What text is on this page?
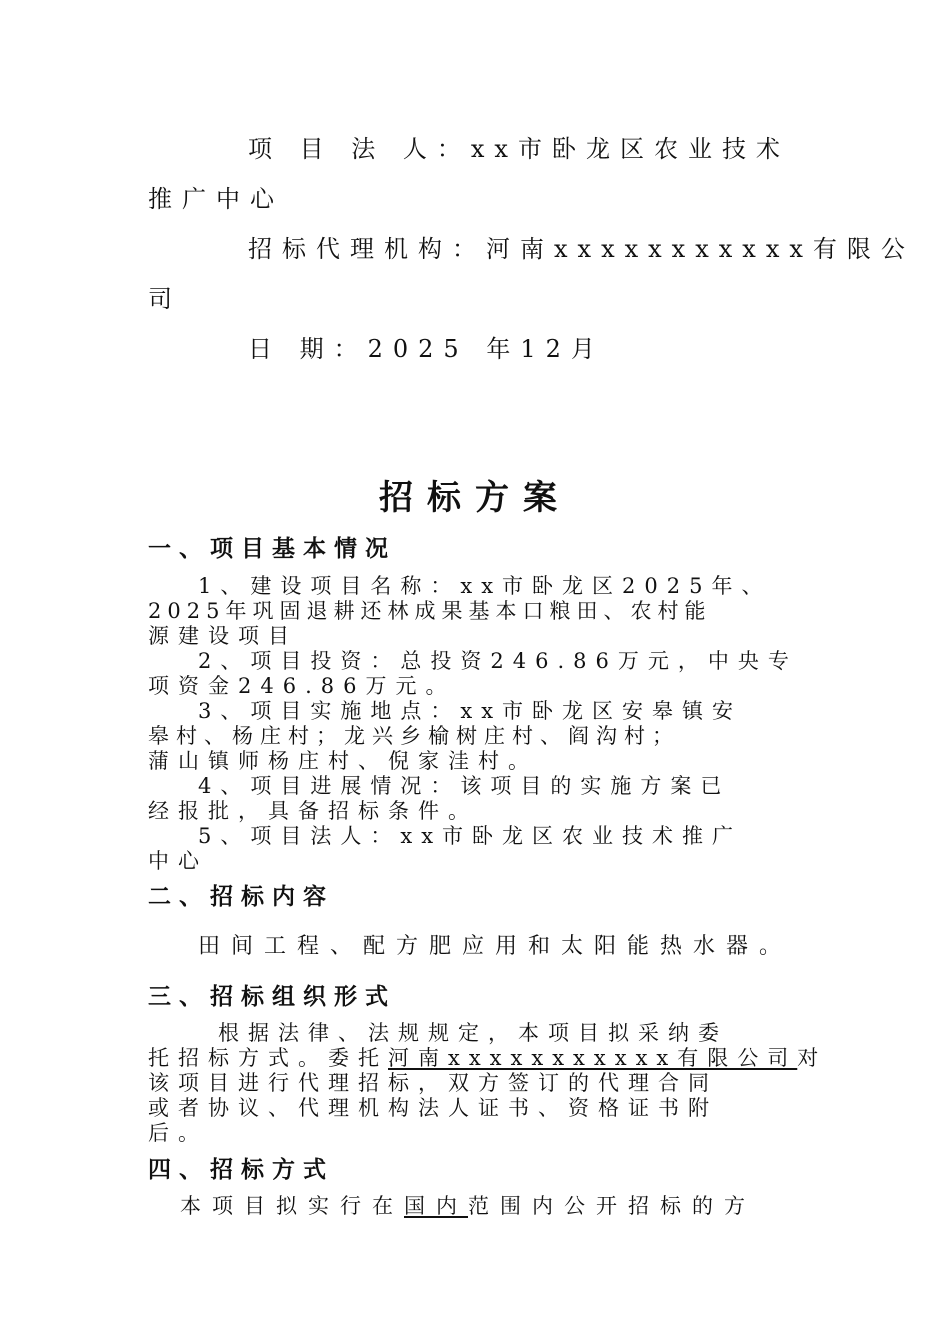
项 目 法 人：xx市卧龙区农业技术
推广中心
招标代理机构：河南xxxxxxxxxxx有限公
司
日 期：2025 年12月
招标方案
一、项目基本情况
1、建设项目名称：xx市卧龙区2025年、
2025年巩固退耕还林成果基本口粮田、农村能
源建设项目
2、项目投资：总投资246.86万元，中央专
项资金246.86万元。
3、项目实施地点：xx市卧龙区安皋镇安
皋村、杨庄村；龙兴乡榆树庄村、阎沟村；
蒲山镇师杨庄村、倪家洼村。
4、项目进展情况：该项目的实施方案已
经报批，具备招标条件。
5、项目法人：xx市卧龙区农业技术推广
中心
二、招标内容
田间工程、配方肥应用和太阳能热水器。
三、招标组织形式
根据法律、法规规定，本项目拟采纳委
托招标方式。委托河南xxxxxxxxxxx有限公司对
该项目进行代理招标，双方签订的代理合同
或者协议、代理机构法人证书、资格证书附
后。
四、招标方式
本项目拟实行在国内范围内公开招标的方
